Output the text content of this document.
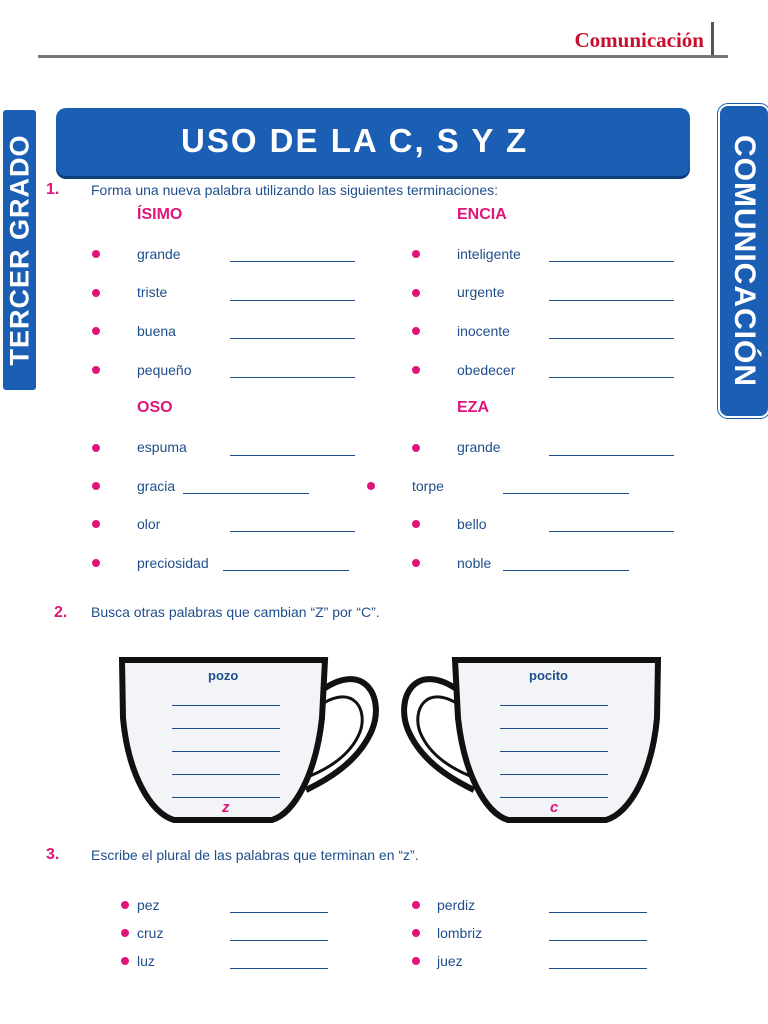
Comunicación
TERCER GRADO	COMUNICACIÓN
USO DE LA C, S Y Z
1. Forma una nueva palabra utilizando las siguientes terminaciones:
ÍSIMO	ENCIA
grande
triste
buena
pequeño
inteligente
urgente
inocente
obedecer
OSO	EZA
espuma
gracia
olor
preciosidad
grande
torpe
bello
noble
2. Busca otras palabras que cambian “Z” por “C”.
pozo
z
pocito
c
3. Escribe el plural de las palabras que terminan en “z”.
pez
cruz
luz
perdiz
lombriz
juez
